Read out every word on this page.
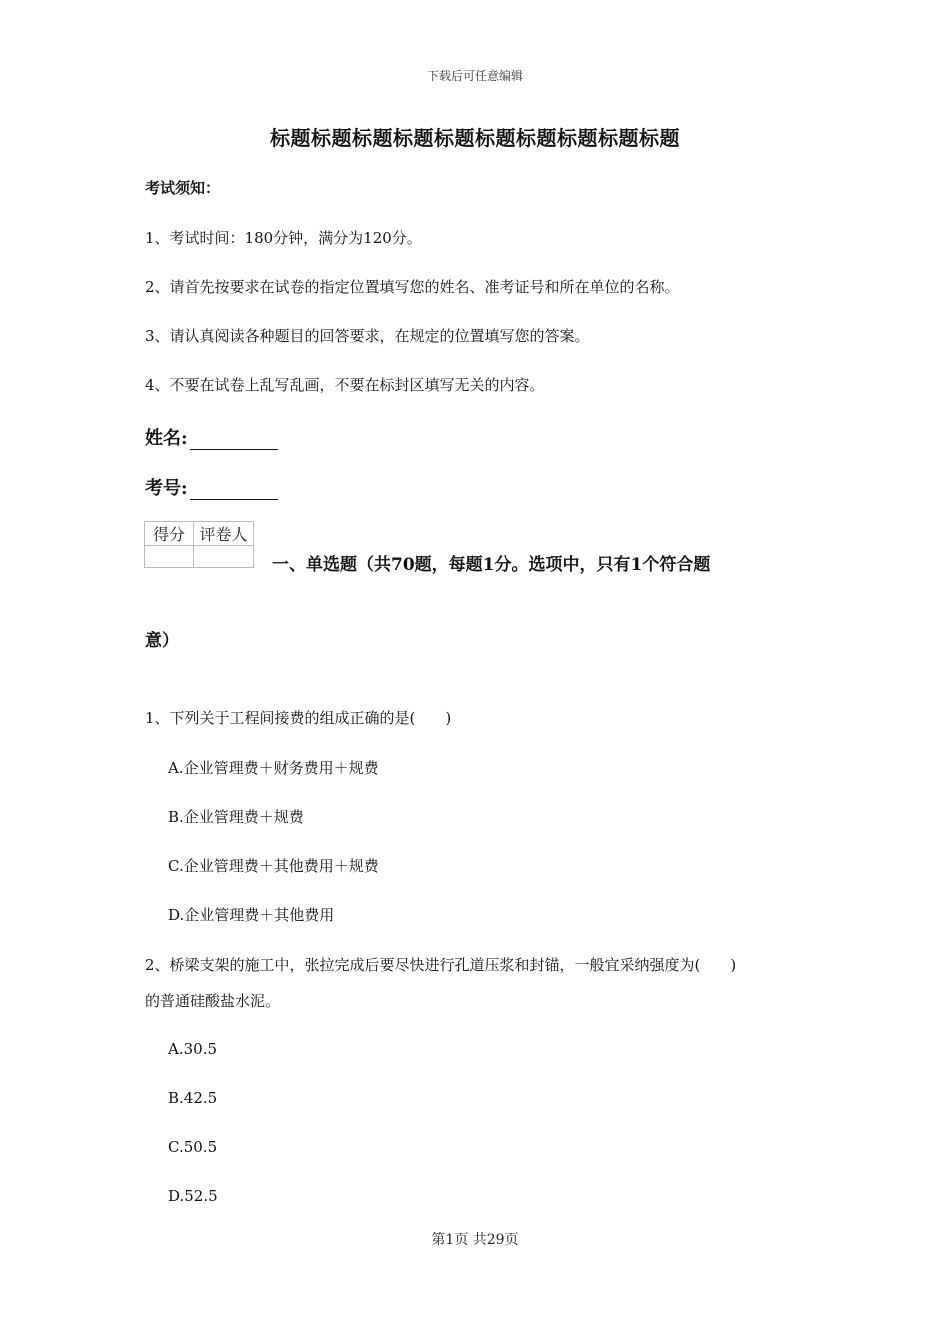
下载后可任意编辑
标题标题标题标题标题标题标题标题标题标题
考试须知：
1、考试时间：180分钟，满分为120分。
2、请首先按要求在试卷的指定位置填写您的姓名、准考证号和所在单位的名称。
3、请认真阅读各种题目的回答要求，在规定的位置填写您的答案。
4、不要在试卷上乱写乱画，不要在标封区填写无关的内容。
姓名:
考号:
得分	评卷人

一、单选题（共70题，每题1分。选项中，只有1个符合题
意）
1、下列关于工程间接费的组成正确的是(　　)
A.企业管理费＋财务费用＋规费
B.企业管理费＋规费
C.企业管理费＋其他费用＋规费
D.企业管理费＋其他费用
2、桥梁支架的施工中，张拉完成后要尽快进行孔道压浆和封锚，一般宜采纳强度为(　　)
的普通硅酸盐水泥。
A.30.5
B.42.5
C.50.5
D.52.5
第1页 共29页
